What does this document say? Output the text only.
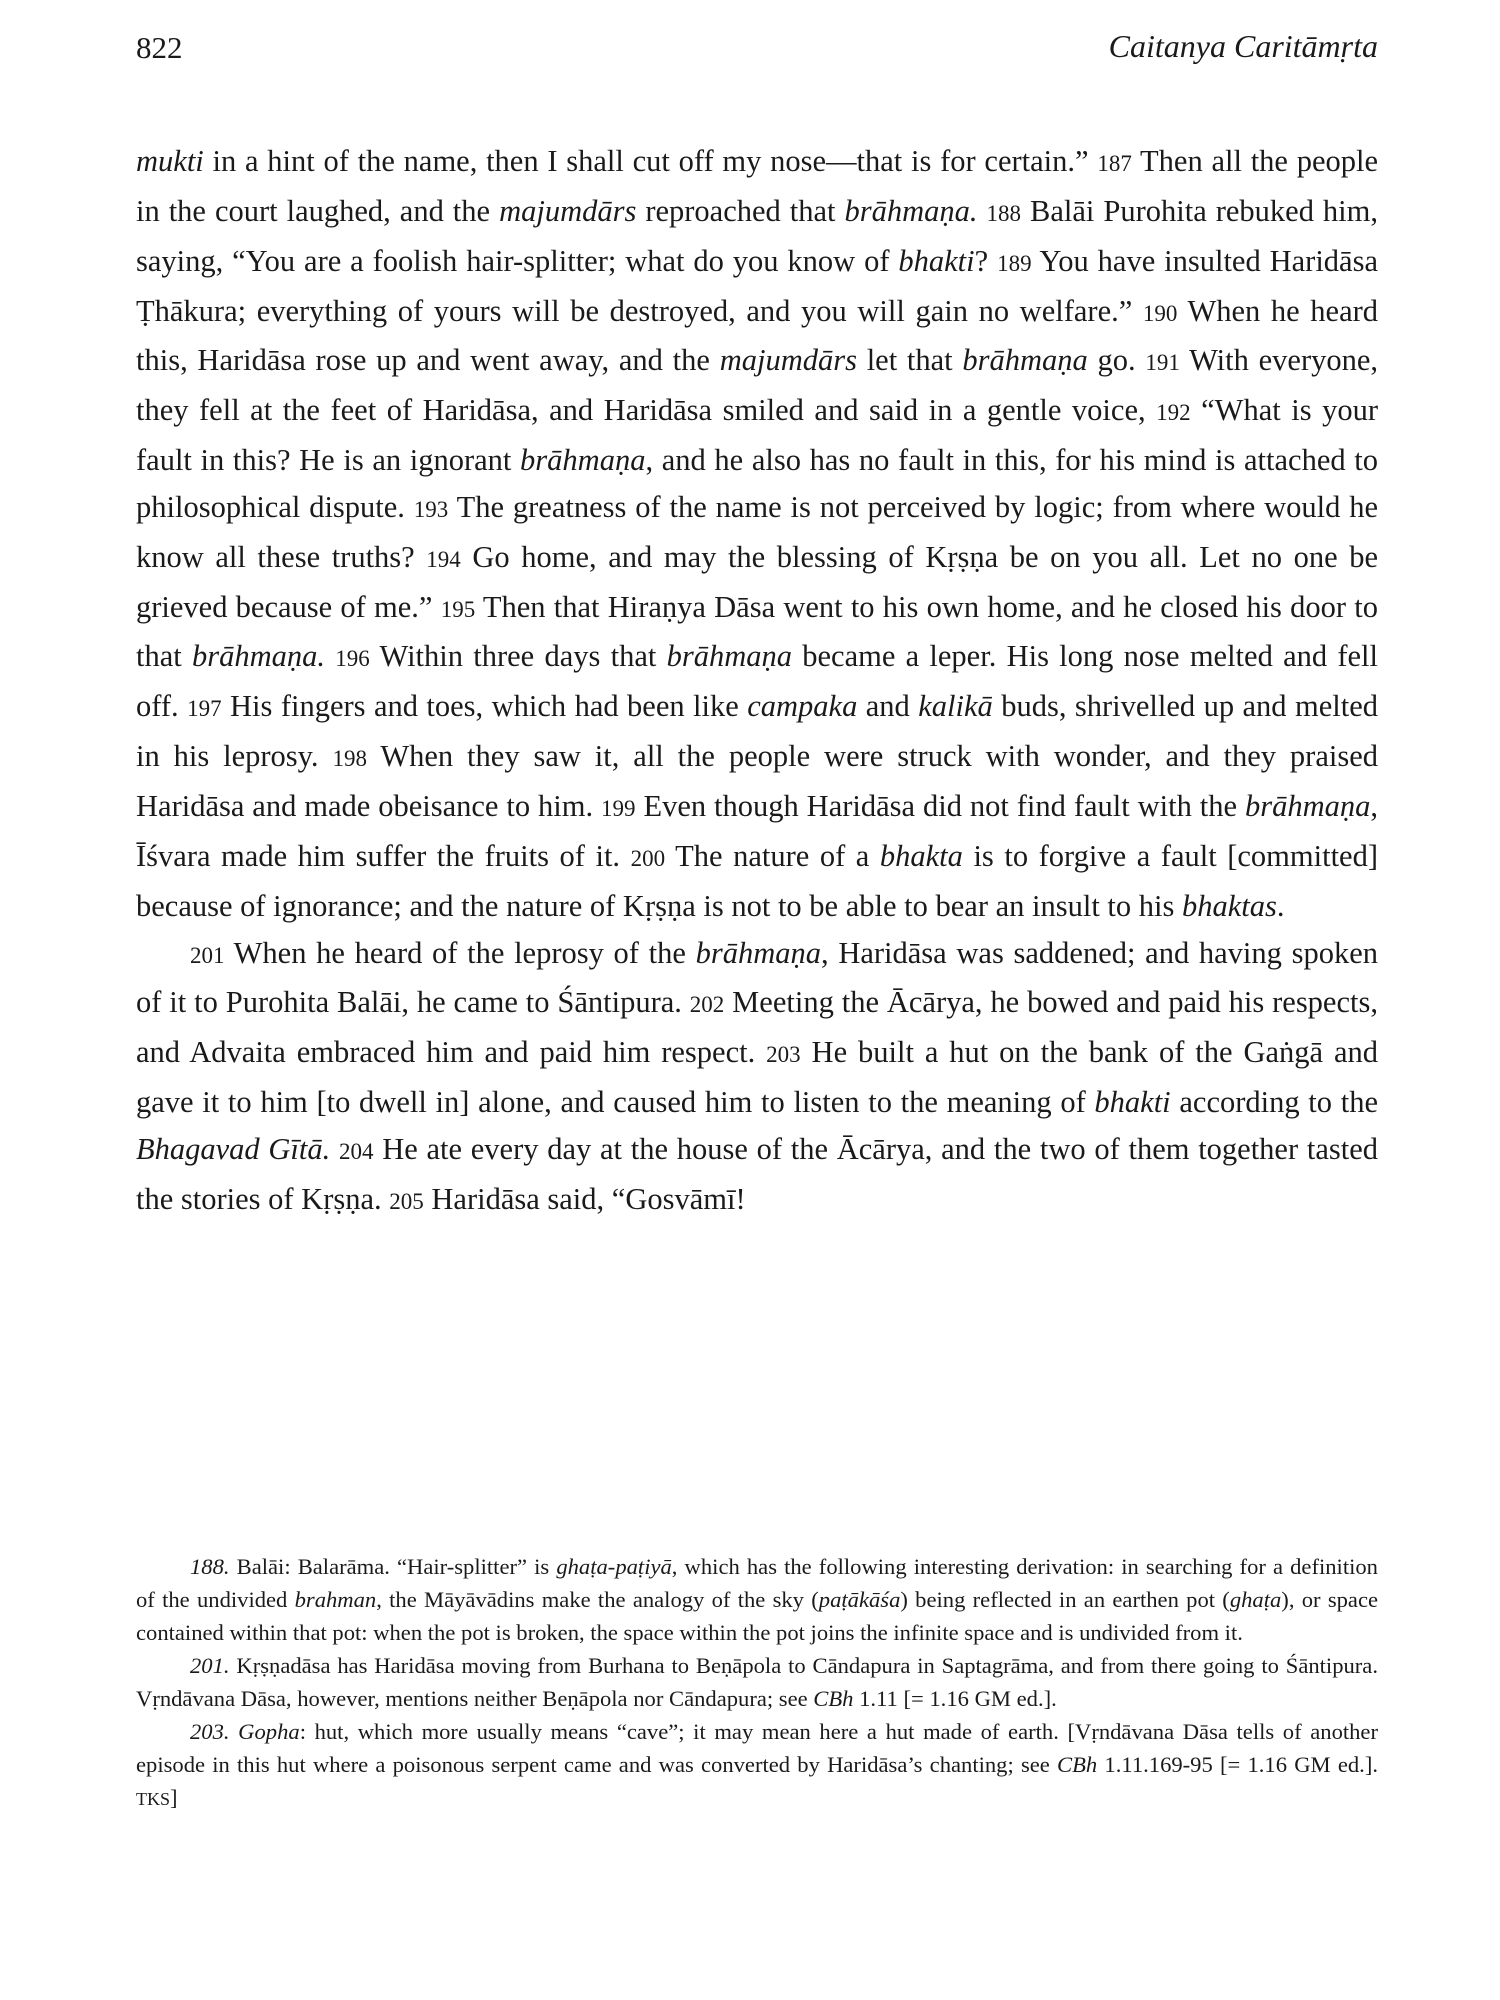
822	Caitanya Caritāmṛta

mukti in a hint of the name, then I shall cut off my nose—that is for certain.” 187 Then all the people in the court laughed, and the majumdārs reproached that brāhmaṇa. 188 Balāi Purohita rebuked him, saying, “You are a foolish hair-splitter; what do you know of bhakti? 189 You have insulted Haridāsa Ṭhākura; everything of yours will be destroyed, and you will gain no welfare.” 190 When he heard this, Haridāsa rose up and went away, and the majumdārs let that brāhmaṇa go. 191 With everyone, they fell at the feet of Haridāsa, and Haridāsa smiled and said in a gentle voice, 192 “What is your fault in this? He is an ignorant brāhmaṇa, and he also has no fault in this, for his mind is attached to philosophical dispute. 193 The greatness of the name is not perceived by logic; from where would he know all these truths? 194 Go home, and may the blessing of Kṛṣṇa be on you all. Let no one be grieved because of me.” 195 Then that Hiraṇya Dāsa went to his own home, and he closed his door to that brāhmaṇa. 196 Within three days that brāhmaṇa became a leper. His long nose melted and fell off. 197 His fingers and toes, which had been like campaka and kalikā buds, shrivelled up and melted in his leprosy. 198 When they saw it, all the people were struck with wonder, and they praised Haridāsa and made obeisance to him. 199 Even though Haridāsa did not find fault with the brāhmaṇa, Īśvara made him suffer the fruits of it. 200 The nature of a bhakta is to forgive a fault [committed] because of ignorance; and the nature of Kṛṣṇa is not to be able to bear an insult to his bhaktas.

201 When he heard of the leprosy of the brāhmaṇa, Haridāsa was saddened; and having spoken of it to Purohita Balāi, he came to Śāntipura. 202 Meeting the Ācārya, he bowed and paid his respects, and Advaita embraced him and paid him respect. 203 He built a hut on the bank of the Gaṅgā and gave it to him [to dwell in] alone, and caused him to listen to the meaning of bhakti according to the Bhagavad Gītā. 204 He ate every day at the house of the Ācārya, and the two of them together tasted the stories of Kṛṣṇa. 205 Haridāsa said, “Gosvāmī!

188. Balāi: Balarāma. “Hair-splitter” is ghaṭa-paṭiyā, which has the following interesting derivation: in searching for a definition of the undivided brahman, the Māyāvādins make the analogy of the sky (paṭākāśa) being reflected in an earthen pot (ghaṭa), or space contained within that pot: when the pot is broken, the space within the pot joins the infinite space and is undivided from it.

201. Kṛṣṇadāsa has Haridāsa moving from Burhana to Beṇāpola to Cāndapura in Saptagrāma, and from there going to Śāntipura. Vṛndāvana Dāsa, however, mentions neither Beṇāpola nor Cāndapura; see CBh 1.11 [= 1.16 GM ed.].

203. Gopha: hut, which more usually means “cave”; it may mean here a hut made of earth. [Vṛndāvana Dāsa tells of another episode in this hut where a poisonous serpent came and was converted by Haridāsa’s chanting; see CBh 1.11.169-95 [= 1.16 GM ed.]. TKS]
